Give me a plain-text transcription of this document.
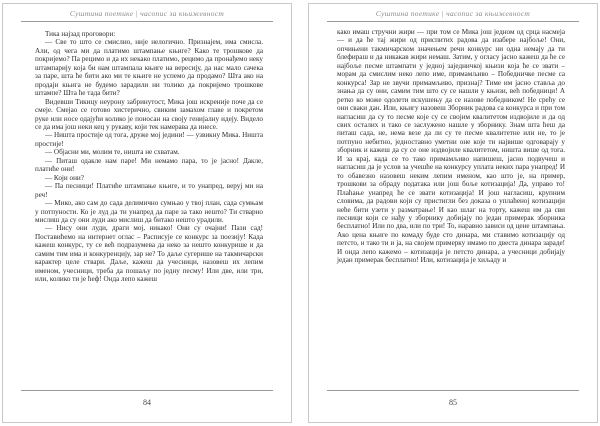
Суштина поетике | часопис за књижевност

Тика најзад проговори:

— Све то што се смислио, није нелогично. Признајем, има смисла. Али, од чега ми да платимо штампање књиге? Како те трошкове да покријемо? Па рецимо и да их некако платимо, рецимо да пронађемо неку штампарију која би нам штампала књиге на вересију, да нас мало сачека за паре, шта ће бити ако ми те књиге не успемо да продамо? Шта ако на продаји књига не будемо зарадили ни толико да покријемо трошкове штампе? Шта ће тада бити?

Видевши Тикицу неурону забринутост, Мика још искреније поче да се смеје. Смејао се готово хистерично, свиким замахом главе и покретом руке или носе одајући колико је поносан на своју генијалну идеју. Видело се да има још неки кец у рукаву, који тек намерава да инесе.

— Ништа простије од тога, друже мој једини! — узвикну Мика. Ништа простије!

— Објасни ми, молим те, ништа не схватам.

— Питаш одакле нам паре! Ми немамо пара, то је јасно! Дакле, платиће они!

— Који они?

— Па песници! Платиће штампање књиге, и то унапред, веруј ми на реч!

— Мико, ако сам до сада делимично сумњао у твој план, сада сумњам у потпуности. Ко је луд да ти унапред да паре за тако нешто? Ти стварно мислиш да су они луди ако мислиш да битако нешто урадили.

— Нису они луди, драги мој, никако! Они су очајни! Пази сад! Поставићемо на интернет оглас – Расписује се конкурс за поезију! Када кажеш конкурс, ту се већ подразумева да неко за нешто конкурише и да самим тим има и конкуренцију, зар не? То даље сугерише на такмичарски карактер целе ствари. Даље, кажеш да учесници, назовеш их лепим именом, учесници, треба да пошаљу по једну песму! Или две, или три, или, колико ти је ћеф! Онда лепо кажеш

84
Суштина поетике | часопис за књижевност

како имаш стручни жири — при том се Мика још једном од срца насмеја — и да ће тај жири од приспитих радова да изабере најбоље! Они, опчињени такмичарском значењем речи конкурс ни одна немају да ти блефираш и да никакав жири немаш. Затим, у огласу јасно кажеш да ће се најбоље песме штампати у једној заједничкој књизи која ће се звати – морам да смислим неко лепо име, примамљиво – Победничке песме са конкурса! Зар не звучи примамљиво, признај? Тиме им јасно ставља до знања да су они, самим тим што су се нашли у књизи, већ победници! А ретко ко може одолети искушењу да се назове победником! Не срећу се они сваки дан. Или, књигу назовеш Зборник радова са конкурса и при том нагласиш да су то песме које су се својим квалитетом издвојиле и да од свих осталих и тако се заслужено нашле у зборнику. Знам шта ћеш да питаш сада, не, нема везе да ли су те песме квалитетне или не, то је потпуно небитно, једноставно уметни оне које ти највише одговарају у зборник и кажеш да су се оне издвојиле квалитетом, ништа више од тога. И за крај, када се то тако примамљиво напишеш, јасно подвучеш и нагласиш да је услов за учешће на конкурсу уплата неких пара унапред! И то обавезно назовеш неким лепим именом, као што је, на пример, трошкови за обраду података или још боље котизација! Да, управо то! Плаћање унапред ће се звати котизација! И још нагласиш, крупним словима, да радови који су пристигли без доказа о уплаћеној котизацији неће бити узети у разматрање! И као шлаг на торту, кажеш им да сви песници који се нађу у зборнику добијају по један примерак зборника бесплатно! Или по два, или по три! То, наравно зависи од цене штампања. Ако цена књиге по комаду буде сто динара, ми ставимо котизацију од петсто, и тако ти и ја, на својем примерку имамо по двеста динара зараде! И онда лепо кажемо – котизација је петсто динара, а учесници добијају један примерак бесплатно! Или, котизација је хиљаду и

85
